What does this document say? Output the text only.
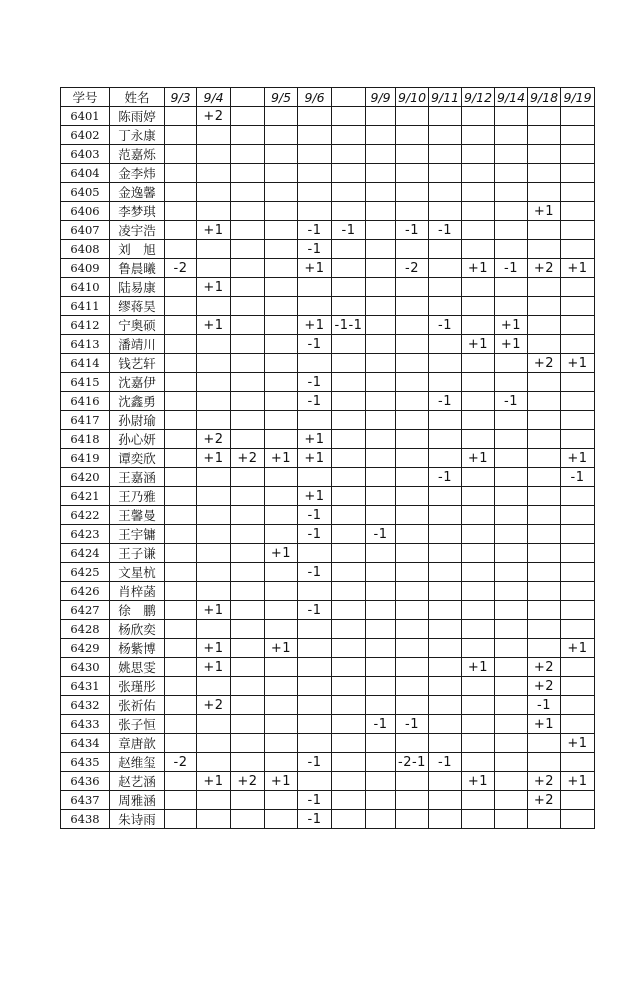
学号	姓名	9/3	9/4		9/5	9/6		9/9	9/10	9/11	9/12	9/14	9/18	9/19
6401	陈雨婷		+2											
6402	丁永康													
6403	范嘉烁													
6404	金李炜													
6405	金逸馨													
6406	李梦琪												+1	
6407	凌宇浩		+1			-1	-1		-1	-1				
6408	刘　旭					-1								
6409	鲁晨曦	-2				+1			-2		+1	-1	+2	+1
6410	陆易康		+1											
6411	缪蒋昊													
6412	宁奥硕		+1			+1	-1-1			-1		+1		
6413	潘靖川					-1					+1	+1		
6414	钱艺轩												+2	+1
6415	沈嘉伊					-1								
6416	沈鑫勇					-1				-1		-1		
6417	孙尉瑜													
6418	孙心妍		+2			+1								
6419	谭奕欣		+1	+2	+1	+1					+1			+1
6420	王嘉涵									-1				-1
6421	王乃雅					+1								
6422	王馨曼					-1								
6423	王宇镛					-1		-1						
6424	王子谦				+1									
6425	文星杭					-1								
6426	肖梓菡													
6427	徐　鹏		+1			-1								
6428	杨欣奕													
6429	杨紫博		+1		+1									+1
6430	姚思雯		+1								+1		+2	
6431	张瑾彤												+2	
6432	张祈佑		+2										-1	
6433	张子恒							-1	-1				+1	
6434	章唐歆													+1
6435	赵维玺	-2				-1			-2-1	-1				
6436	赵艺涵		+1	+2	+1						+1		+2	+1
6437	周雅涵					-1							+2	
6438	朱诗雨					-1								
